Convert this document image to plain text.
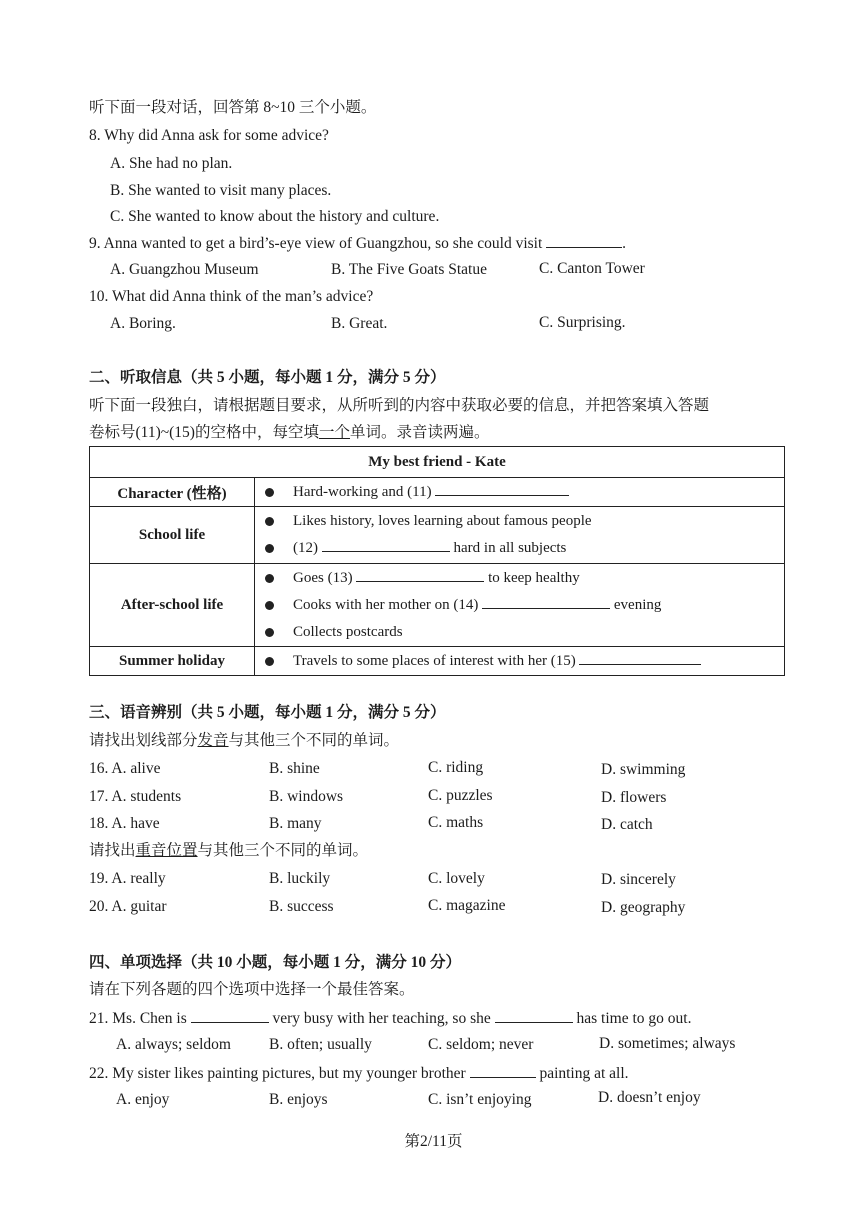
听下面一段对话，回答第 8~10 三个小题。
8. Why did Anna ask for some advice?
A. She had no plan.
B. She wanted to visit many places.
C. She wanted to know about the history and culture.
9. Anna wanted to get a bird’s-eye view of Guangzhou, so she could visit	.
A. Guangzhou Museum	B. The Five Goats Statue	C. Canton Tower
10. What did Anna think of the man’s advice?
A. Boring.	B. Great.	C. Surprising.
二、听取信息（共 5 小题，每小题 1 分，满分 5 分）
听下面一段独白，请根据题目要求，从所听到的内容中获取必要的信息，并把答案填入答题
卷标号(11)~(15)的空格中，每空填一个单词。录音读两遍。
My best friend - Kate	
Character (性格)	Hard-working and (11)

School life	Likes history, loves learning about famous people
(12) hard in all subjects

After-school life	Goes (13) to keep healthy
Cooks with her mother on (14) evening
Collects postcards

Summer holiday	Travels to some places of interest with her (15)
三、语音辨别（共 5 小题，每小题 1 分，满分 5 分）
请找出划线部分发音与其他三个不同的单词。
16. A. alive	B. shine	C. riding	D. swimming
17. A. students	B. windows	C. puzzles	D. flowers
18. A. have	B. many	C. maths	D. catch
请找出重音位置与其他三个不同的单词。
19. A. really	B. luckily	C. lovely	D. sincerely
20. A. guitar	B. success	C. magazine	D. geography
四、单项选择（共 10 小题，每小题 1 分，满分 10 分）
请在下列各题的四个选项中选择一个最佳答案。
21. Ms. Chen is	very busy with her teaching, so she	has time to go out.
A. always; seldom B. often; usually	C. seldom; never	D. sometimes; always
22. My sister likes painting pictures, but my younger brother	painting at all.
A. enjoy	B. enjoys	C. isn’t enjoying	D. doesn’t enjoy
第2/11页
